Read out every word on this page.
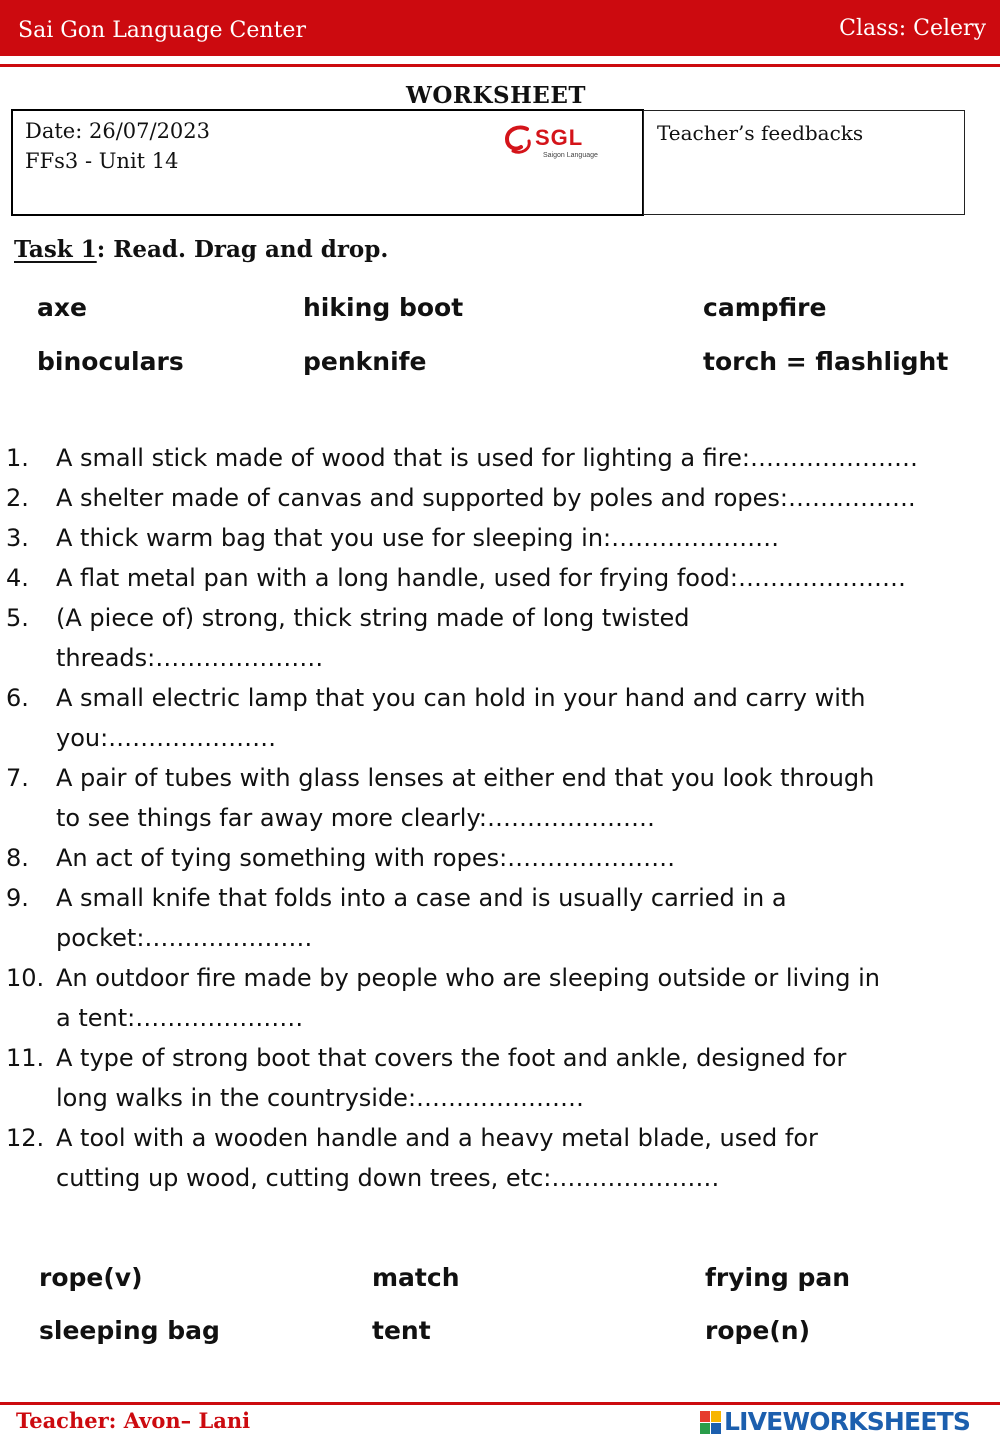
Sai Gon Language Center	Class: Celery
WORKSHEET
Date: 26/07/2023
FFs3 - Unit 14
SGL
Saigon Language
Teacher’s feedbacks
Task 1: Read. Drag and drop.
axe	hiking boot	campfire
binoculars	penknife	torch = flashlight
1.	A small stick made of wood that is used for lighting a fire:…………………
2.	A shelter made of canvas and supported by poles and ropes:…………….
3.	A thick warm bag that you use for sleeping in:…………………
4.	A flat metal pan with a long handle, used for frying food:…………………
5.	(A piece of) strong, thick string made of long twisted
threads:…………………
6.	A small electric lamp that you can hold in your hand and carry with
you:…………………
7.	A pair of tubes with glass lenses at either end that you look through
to see things far away more clearly:…………………
8.	An act of tying something with ropes:…………………
9.	A small knife that folds into a case and is usually carried in a
pocket:…………………
10. An outdoor fire made by people who are sleeping outside or living in
a tent:…………………
11. A type of strong boot that covers the foot and ankle, designed for
long walks in the countryside:…………………
12. A tool with a wooden handle and a heavy metal blade, used for
cutting up wood, cutting down trees, etc:…………………
rope(v)	match	frying pan
sleeping bag	tent	rope(n)
Teacher: Avon– Lani	LIVEWORKSHEETS
